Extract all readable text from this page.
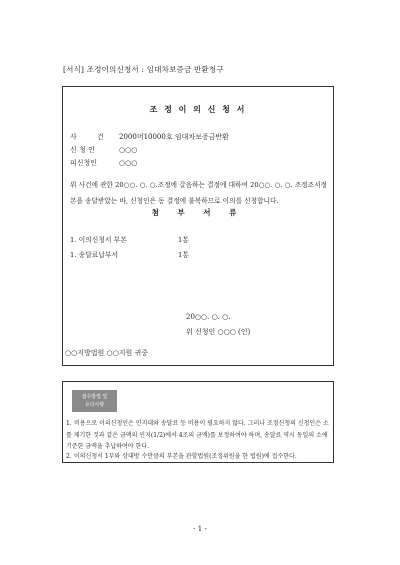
[서식] 조정이의신청서 : 임대차보증금 반환청구
조 정 이 의 신 청 서
사 건 2000머10000호 임대차보증금반환
신 청 인	○○○
피신청인	○○○
위 사건에 관한 20○○. ○. ○.조정에 갈음하는 결정에 대하여 20○○. ○. ○. 조정조서정본을 송달받았는 바, 신청인은 동 결정에 불복하므로 이의를 신청합니다.
첨 부 서 류
1. 이의신청서 부본	1통
1. 송달료납부서	1통
20○○. ○. ○.
위 신청인 ○○○ (인)
○○지방법원 ○○지원 귀중
접수방법 및
유의사항
1. 비용으로 이의신청인은 인지대와 송달료 등 비용이 필요하지 않다. 그러나 조정신청의 신청인은 소를 제기한 것과 같은 금액의 인지(1/2)에서 4조의 금액)를 보정하여야 하며, 송달료 역시 동일의 소에 기준한 금액을 추납하여야 한다.
2. 이의신청서 1부와 상대방 수만큼의 부본을 관할법원(조정위원을 한 법원)에 접수한다.
- 1 -
